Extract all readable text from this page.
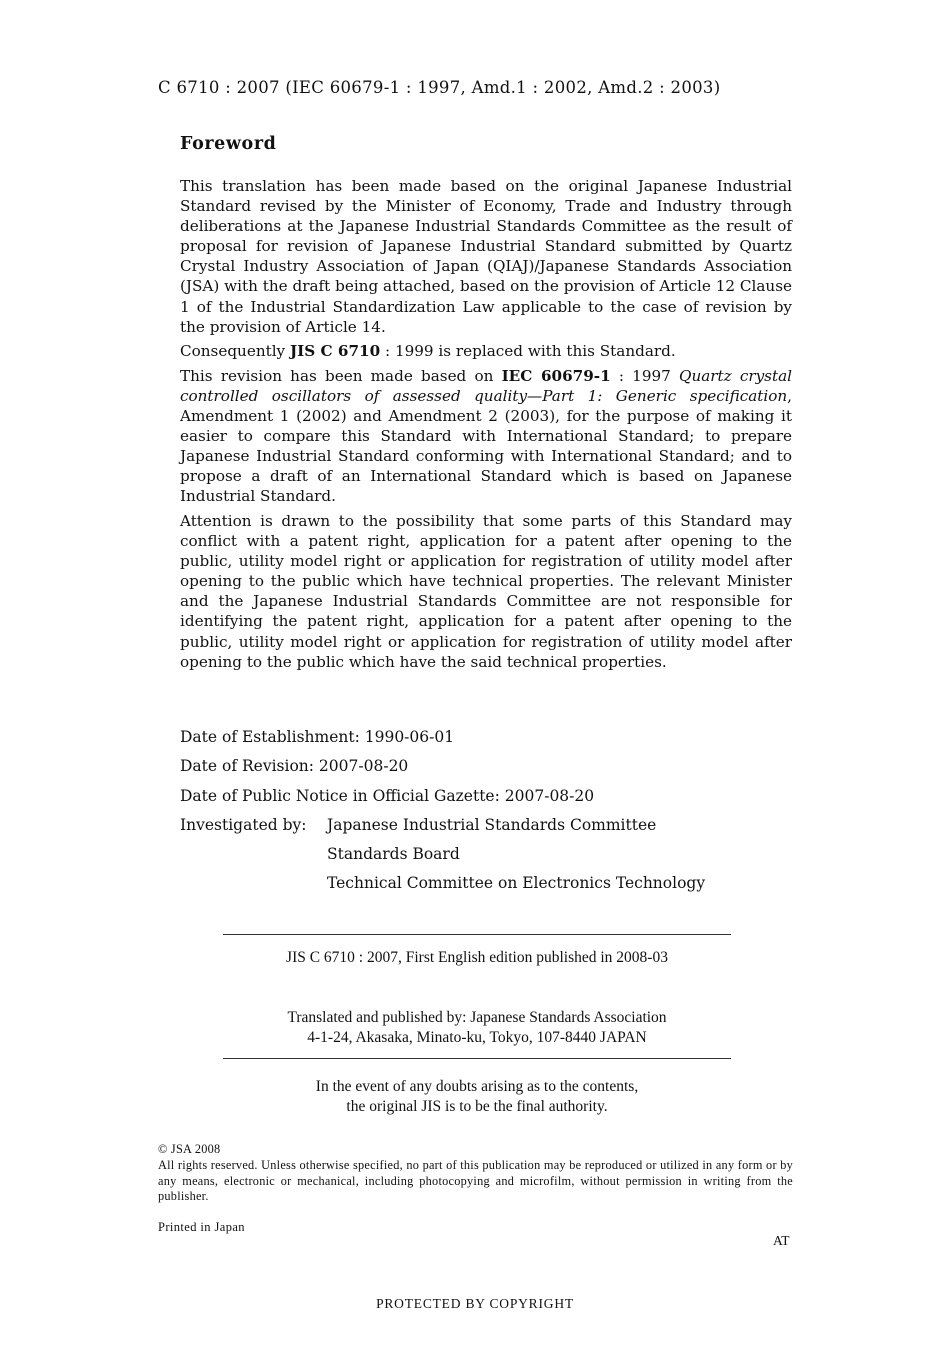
C 6710 : 2007 (IEC 60679-1 : 1997, Amd.1 : 2002, Amd.2 : 2003)
Foreword

This translation has been made based on the original Japanese Industrial Standard revised by the Minister of Economy, Trade and Industry through deliberations at the Japanese Industrial Standards Committee as the result of proposal for revision of Japanese Industrial Standard submitted by Quartz Crystal Industry Association of Japan (QIAJ)/Japanese Standards Association (JSA) with the draft being attached, based on the provision of Article 12 Clause 1 of the Industrial Standardization Law applicable to the case of revision by the provision of Article 14.

Consequently JIS C 6710 : 1999 is replaced with this Standard.

This revision has been made based on IEC 60679-1 : 1997 Quartz crystal controlled oscillators of assessed quality—Part 1: Generic specification, Amendment 1 (2002) and Amendment 2 (2003), for the purpose of making it easier to compare this Standard with International Standard; to prepare Japanese Industrial Standard conforming with International Standard; and to propose a draft of an International Standard which is based on Japanese Industrial Standard.

Attention is drawn to the possibility that some parts of this Standard may conflict with a patent right, application for a patent after opening to the public, utility model right or application for registration of utility model after opening to the public which have technical properties. The relevant Minister and the Japanese Industrial Standards Committee are not responsible for identifying the patent right, application for a patent after opening to the public, utility model right or application for registration of utility model after opening to the public which have the said technical properties.

Date of Establishment: 1990-06-01
Date of Revision: 2007-08-20
Date of Public Notice in Official Gazette: 2007-08-20
Investigated by:	Japanese Industrial Standards Committee
Standards Board
Technical Committee on Electronics Technology
JIS C 6710 : 2007, First English edition published in 2008-03
Translated and published by: Japanese Standards Association
4-1-24, Akasaka, Minato-ku, Tokyo, 107-8440 JAPAN
In the event of any doubts arising as to the contents,
the original JIS is to be the final authority.
© JSA 2008
All rights reserved. Unless otherwise specified, no part of this publication may be reproduced or utilized in any form or by any means, electronic or mechanical, including photocopying and microfilm, without permission in writing from the publisher.
Printed in Japan
AT
PROTECTED BY COPYRIGHT
